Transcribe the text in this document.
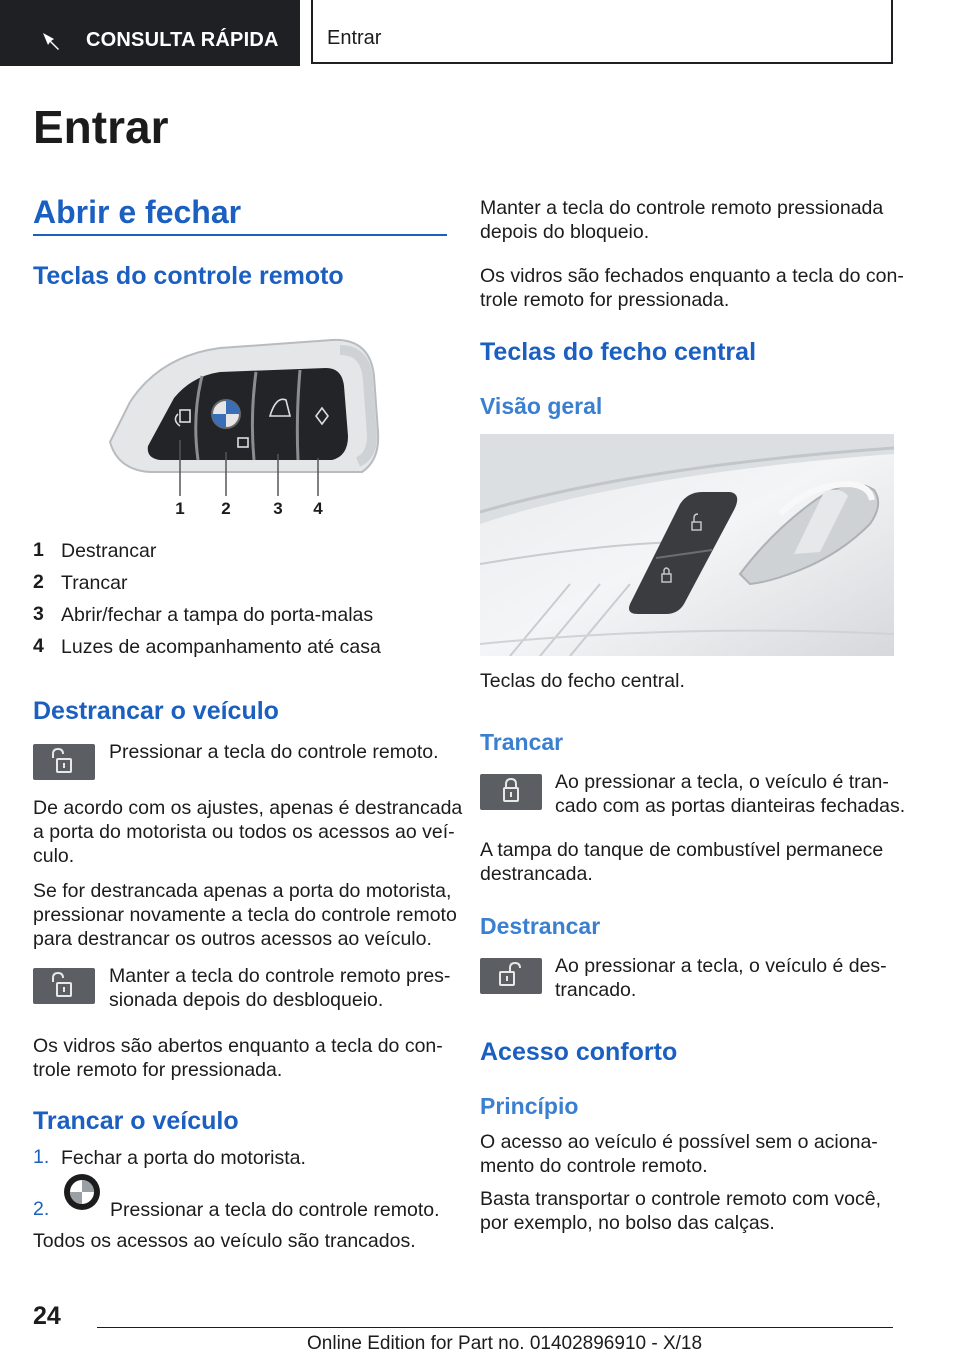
CONSULTA RÁPIDA Entrar
Entrar
Abrir e fechar
Teclas do controle remoto
1 2	3 4
1 Destrancar
2 Trancar
3 Abrir/fechar a tampa do porta-malas
4 Luzes de acompanhamento até casa
Destrancar o veículo
Pressionar a tecla do controle remoto.
De acordo com os ajustes, apenas é destrancada
a porta do motorista ou todos os acessos ao veí-
culo.
Se for destrancada apenas a porta do motorista,
pressionar novamente a tecla do controle remoto
para destrancar os outros acessos ao veículo.
Manter a tecla do controle remoto pres-
sionada depois do desbloqueio.
Os vidros são abertos enquanto a tecla do con-
trole remoto for pressionada.
Trancar o veículo
1. Fechar a porta do motorista.
2.	Pressionar a tecla do controle remoto.
Todos os acessos ao veículo são trancados.
Manter a tecla do controle remoto pressionada
depois do bloqueio.
Os vidros são fechados enquanto a tecla do con-
trole remoto for pressionada.
Teclas do fecho central
Visão geral
Teclas do fecho central.
Trancar
Ao pressionar a tecla, o veículo é tran-
cado com as portas dianteiras fechadas.
A tampa do tanque de combustível permanece
destrancada.
Destrancar
Ao pressionar a tecla, o veículo é des-
trancado.
Acesso conforto
Princípio
O acesso ao veículo é possível sem o aciona-
mento do controle remoto.
Basta transportar o controle remoto com você,
por exemplo, no bolso das calças.
24
Online Edition for Part no. 01402896910 - X/18
